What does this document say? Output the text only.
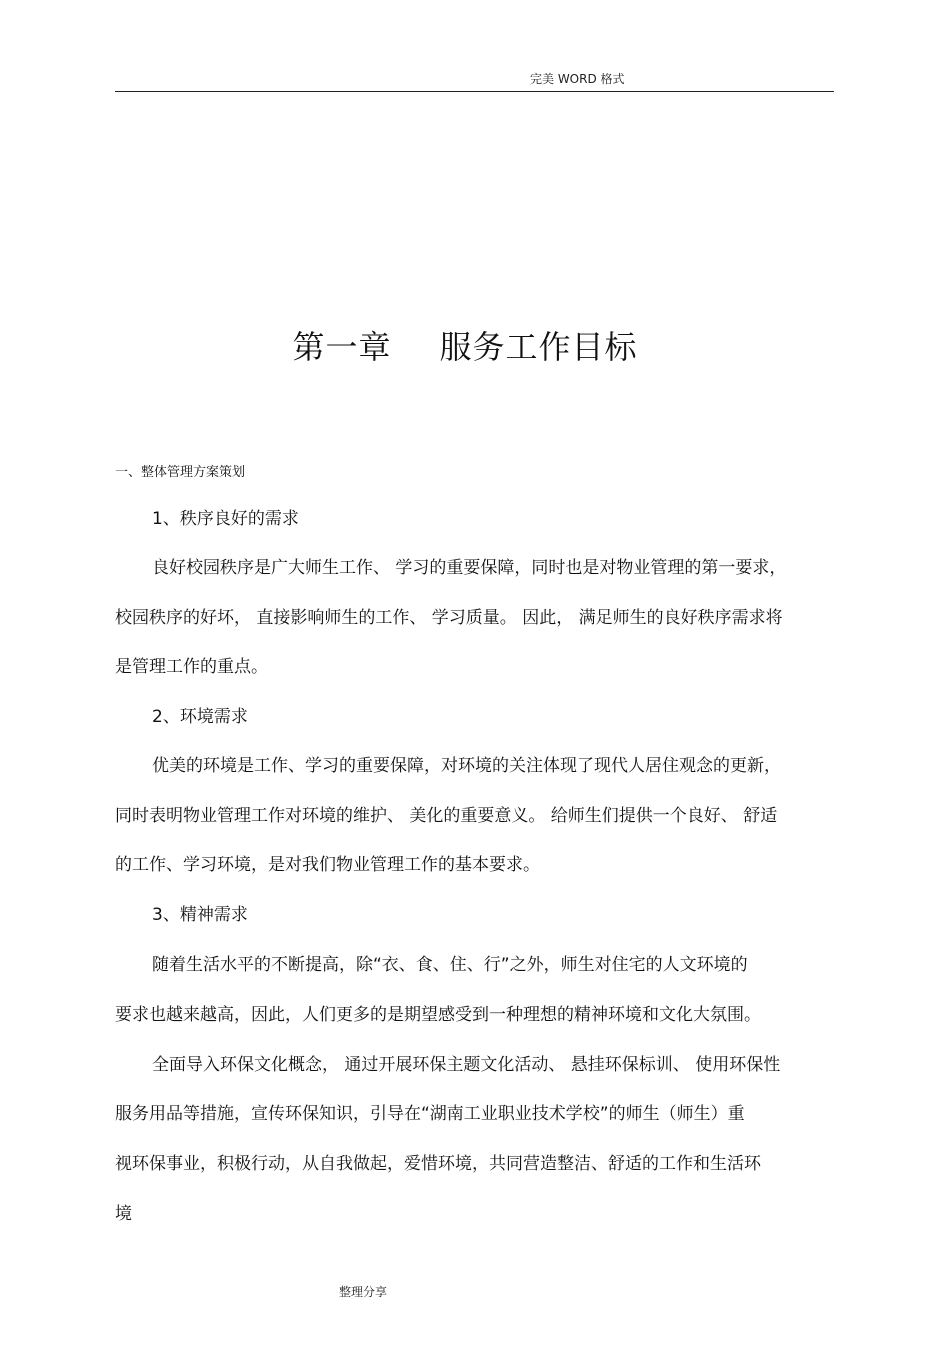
完美 WORD 格式
第一章 服务工作目标
一、整体管理方案策划
1、秩序良好的需求
良好校园秩序是广大师生工作、 学习的重要保障，同时也是对物业管理的第一要求，
校园秩序的好坏， 直接影响师生的工作、 学习质量。 因此， 满足师生的良好秩序需求将
是管理工作的重点。
2、环境需求
优美的环境是工作、学习的重要保障，对环境的关注体现了现代人居住观念的更新，
同时表明物业管理工作对环境的维护、 美化的重要意义。 给师生们提供一个良好、 舒适
的工作、学习环境，是对我们物业管理工作的基本要求。
3、精神需求
随着生活水平的不断提高，除“衣、食、住、行”之外，师生对住宅的人文环境的
要求也越来越高，因此，人们更多的是期望感受到一种理想的精神环境和文化大氛围。
全面导入环保文化概念， 通过开展环保主题文化活动、 悬挂环保标训、 使用环保性
服务用品等措施，宣传环保知识，引导在“湖南工业职业技术学校”的师生（师生）重
视环保事业，积极行动，从自我做起，爱惜环境，共同营造整洁、舒适的工作和生活环
境
整理分享
